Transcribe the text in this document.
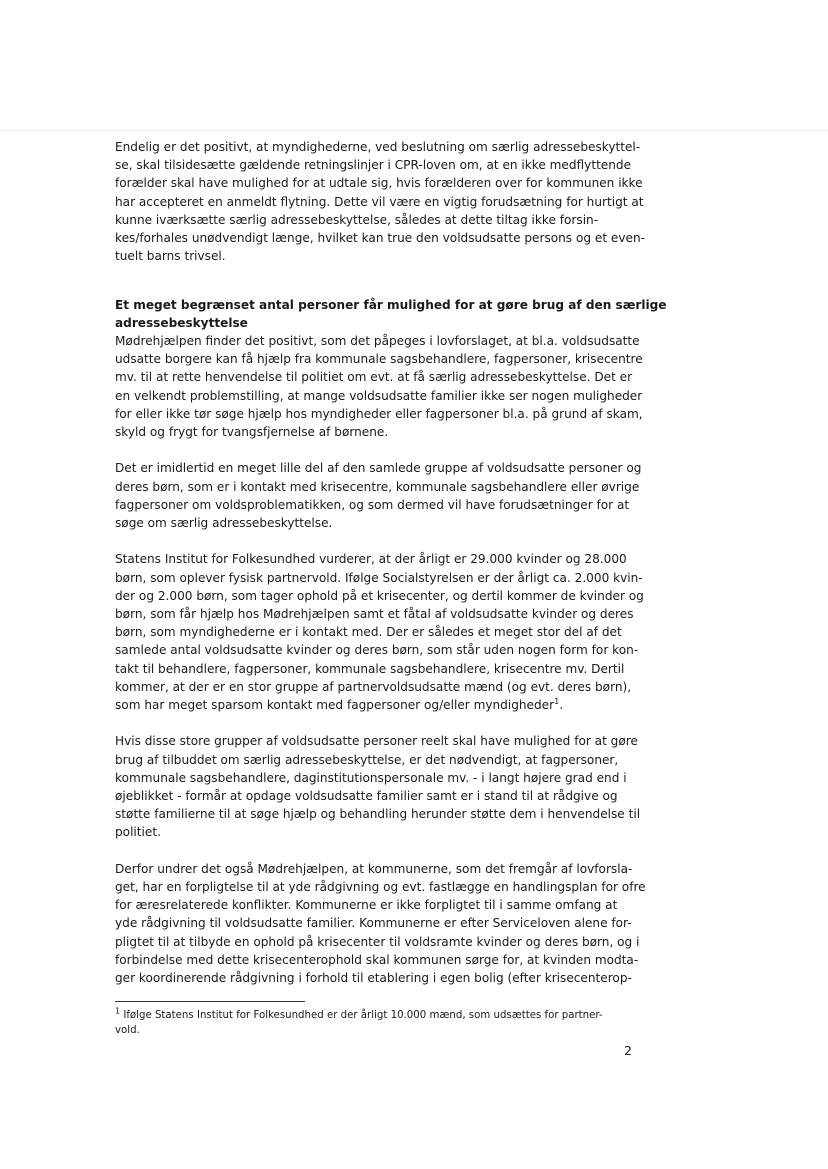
Endelig er det positivt, at myndighederne, ved beslutning om særlig adressebeskyttel-
se, skal tilsidesætte gældende retningslinjer i CPR-loven om, at en ikke medflyttende
forælder skal have mulighed for at udtale sig, hvis forælderen over for kommunen ikke
har accepteret en anmeldt flytning. Dette vil være en vigtig forudsætning for hurtigt at
kunne iværksætte særlig adressebeskyttelse, således at dette tiltag ikke forsin-
kes/forhales unødvendigt længe, hvilket kan true den voldsudsatte persons og et even-
tuelt barns trivsel.
Et meget begrænset antal personer får mulighed for at gøre brug af den særlige
adressebeskyttelse
Mødrehjælpen finder det positivt, som det påpeges i lovforslaget, at bl.a. voldsudsatte
udsatte borgere kan få hjælp fra kommunale sagsbehandlere, fagpersoner, krisecentre
mv. til at rette henvendelse til politiet om evt. at få særlig adressebeskyttelse. Det er
en velkendt problemstilling, at mange voldsudsatte familier ikke ser nogen muligheder
for eller ikke tør søge hjælp hos myndigheder eller fagpersoner bl.a. på grund af skam,
skyld og frygt for tvangsfjernelse af børnene.
Det er imidlertid en meget lille del af den samlede gruppe af voldsudsatte personer og
deres børn, som er i kontakt med krisecentre, kommunale sagsbehandlere eller øvrige
fagpersoner om voldsproblematikken, og som dermed vil have forudsætninger for at
søge om særlig adressebeskyttelse.
Statens Institut for Folkesundhed vurderer, at der årligt er 29.000 kvinder og 28.000
børn, som oplever fysisk partnervold. Ifølge Socialstyrelsen er der årligt ca. 2.000 kvin-
der og 2.000 børn, som tager ophold på et krisecenter, og dertil kommer de kvinder og
børn, som får hjælp hos Mødrehjælpen samt et fåtal af voldsudsatte kvinder og deres
børn, som myndighederne er i kontakt med. Der er således et meget stor del af det
samlede antal voldsudsatte kvinder og deres børn, som står uden nogen form for kon-
takt til behandlere, fagpersoner, kommunale sagsbehandlere, krisecentre mv. Dertil
kommer, at der er en stor gruppe af partnervoldsudsatte mænd (og evt. deres børn),
som har meget sparsom kontakt med fagpersoner og/eller myndigheder$^1$.
Hvis disse store grupper af voldsudsatte personer reelt skal have mulighed for at gøre
brug af tilbuddet om særlig adressebeskyttelse, er det nødvendigt, at fagpersoner,
kommunale sagsbehandlere, daginstitutionspersonale mv. - i langt højere grad end i
øjeblikket - formår at opdage voldsudsatte familier samt er i stand til at rådgive og
støtte familierne til at søge hjælp og behandling herunder støtte dem i henvendelse til
politiet.
Derfor undrer det også Mødrehjælpen, at kommunerne, som det fremgår af lovforsla-
get, har en forpligtelse til at yde rådgivning og evt. fastlægge en handlingsplan for ofre
for æresrelaterede konflikter. Kommunerne er ikke forpligtet til i samme omfang at
yde rådgivning til voldsudsatte familier. Kommunerne er efter Serviceloven alene for-
pligtet til at tilbyde en ophold på krisecenter til voldsramte kvinder og deres børn, og i
forbindelse med dette krisecenterophold skal kommunen sørge for, at kvinden modta-
ger koordinerende rådgivning i forhold til etablering i egen bolig (efter krisecenterop-
$^1$ Ifølge Statens Institut for Folkesundhed er der årligt 10.000 mænd, som udsættes for partner-
vold.
2
